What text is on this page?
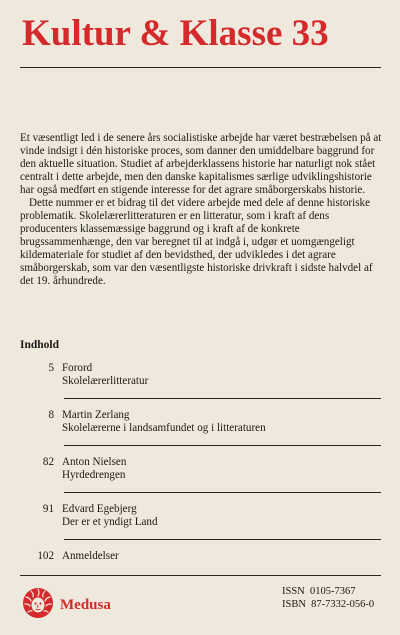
Kultur & Klasse 33

Et væsentligt led i de senere års socialistiske arbejde har været bestræbelsen på at vinde indsigt i dén historiske proces, som danner den umiddelbare baggrund for den aktuelle situation. Studiet af arbejderklassens historie har naturligt nok stået centralt i dette arbejde, men den danske kapitalismes særlige udviklingshistorie har også medført en stigende interesse for det agrare småborgerskabs historie.

Dette nummer er et bidrag til det videre arbejde med dele af denne historiske problematik. Skolelærerlitteraturen er en litteratur, som i kraft af dens producenters klassemæssige baggrund og i kraft af de konkrete brugssammenhænge, den var beregnet til at indgå i, udgør et uomgængeligt kildemateriale for studiet af den bevidsthed, der udvikledes i det agrare småborgerskab, som var den væsentligste historiske drivkraft i sidste halvdel af det 19. århundrede.

Indhold
5 Forord
Skolelærerlitteratur
8 Martin Zerlang
Skolelærerne i landsamfundet og i litteraturen
82 Anton Nielsen
Hyrdedrengen
91 Edvard Egebjerg
Der er et yndigt Land
102 Anmeldelser
Medusa
ISSN  0105-7367
ISBN  87-7332-056-0
